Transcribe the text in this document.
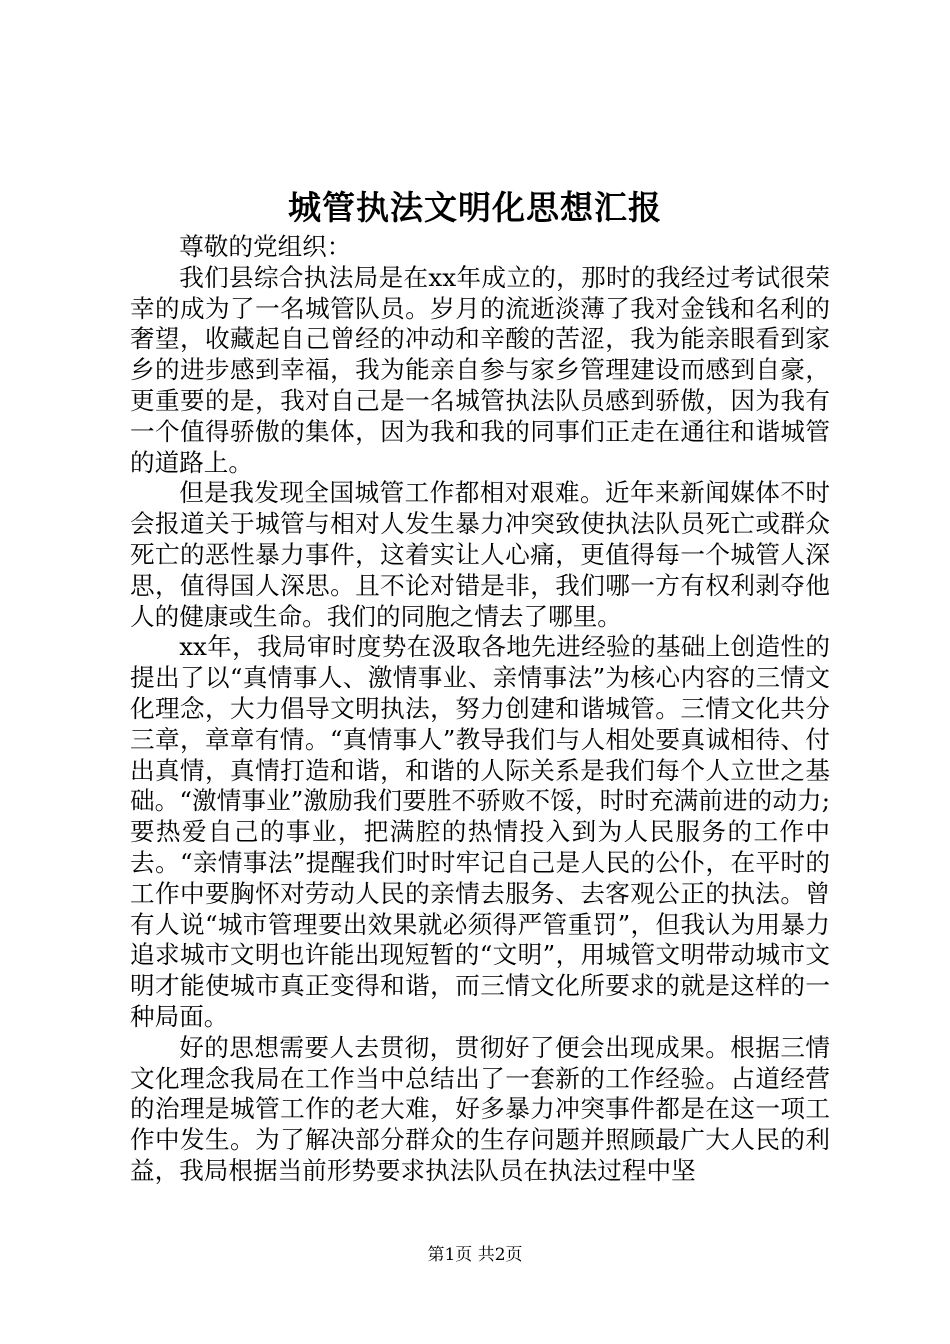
城管执法文明化思想汇报

尊敬的党组织：

我们县综合执法局是在xx年成立的，那时的我经过考试很荣幸的成为了一名城管队员。岁月的流逝淡薄了我对金钱和名利的奢望，收藏起自己曾经的冲动和辛酸的苦涩，我为能亲眼看到家乡的进步感到幸福，我为能亲自参与家乡管理建设而感到自豪，更重要的是，我对自己是一名城管执法队员感到骄傲，因为我有一个值得骄傲的集体，因为我和我的同事们正走在通往和谐城管的道路上。

但是我发现全国城管工作都相对艰难。近年来新闻媒体不时会报道关于城管与相对人发生暴力冲突致使执法队员死亡或群众死亡的恶性暴力事件，这着实让人心痛，更值得每一个城管人深思，值得国人深思。且不论对错是非，我们哪一方有权利剥夺他人的健康或生命。我们的同胞之情去了哪里。

xx年，我局审时度势在汲取各地先进经验的基础上创造性的提出了以“真情事人、激情事业、亲情事法”为核心内容的三情文化理念，大力倡导文明执法，努力创建和谐城管。三情文化共分三章，章章有情。“真情事人”教导我们与人相处要真诚相待、付出真情，真情打造和谐，和谐的人际关系是我们每个人立世之基础。“激情事业”激励我们要胜不骄败不馁，时时充满前进的动力;要热爱自己的事业，把满腔的热情投入到为人民服务的工作中去。“亲情事法”提醒我们时时牢记自己是人民的公仆，在平时的工作中要胸怀对劳动人民的亲情去服务、去客观公正的执法。曾有人说“城市管理要出效果就必须得严管重罚”，但我认为用暴力追求城市文明也许能出现短暂的“文明”，用城管文明带动城市文明才能使城市真正变得和谐，而三情文化所要求的就是这样的一种局面。

好的思想需要人去贯彻，贯彻好了便会出现成果。根据三情文化理念我局在工作当中总结出了一套新的工作经验。占道经营的治理是城管工作的老大难，好多暴力冲突事件都是在这一项工作中发生。为了解决部分群众的生存问题并照顾最广大人民的利益，我局根据当前形势要求执法队员在执法过程中坚

第1页 共2页
